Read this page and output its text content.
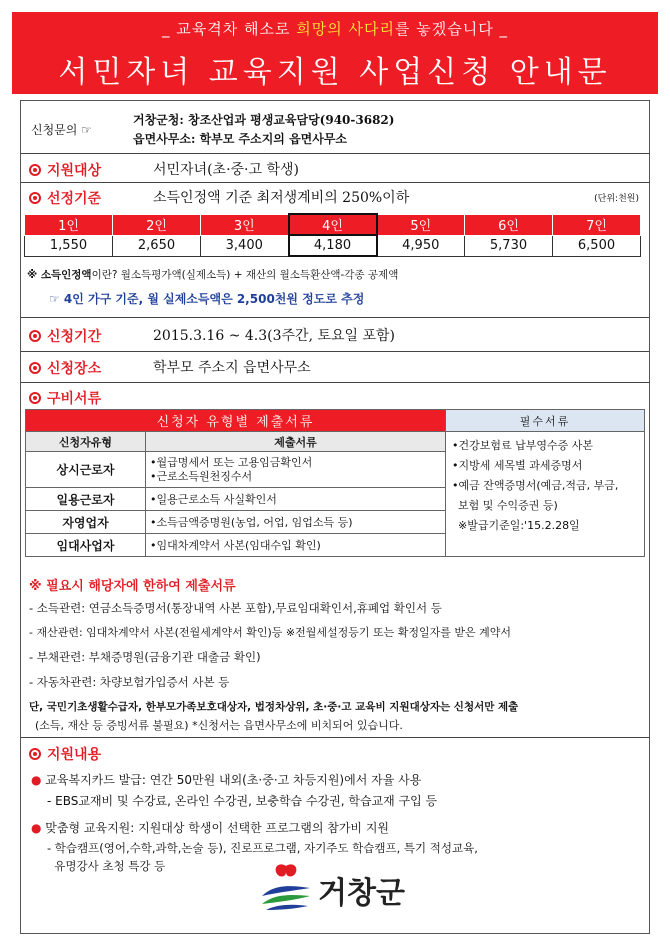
_ 교육격차 해소로 희망의 사다리를 놓겠습니다 _
서민자녀 교육지원 사업신청 안내문
신청문의 ☞
거창군청: 창조산업과 평생교육담당(940-3682)
읍면사무소: 학부모 주소지의 읍면사무소
지원대상	서민자녀(초·중·고 학생)
선정기준	소득인정액 기준 최저생계비의 250%이하	(단위:천원)
1인	2인	3인	4인	5인	6인	7인
1,550	2,650	3,400	4,180	4,950	5,730	6,500
※ 소득인정액이란? 월소득평가액(실제소득) + 재산의 월소득환산액-각종 공제액
☞ 4인 가구 기준, 월 실제소득액은 2,500천원 정도로 추정
신청기간	2015.3.16 ~ 4.3(3주간, 토요일 포함)
신청장소	학부모 주소지 읍면사무소
구비서류
신청자 유형별 제출서류		필수서류
신청자유형	제출서류	•건강보험료 납부영수증 사본
•지방세 세목별 과세증명서
•예금 잔액증명서(예금,적금, 부금,
보험 및 수익증권 등)
※발급기준일:'15.2.28일

상시근로자	•월급명세서 또는 고용임금확인서
•근로소득원천징수서	

일용근로자	•일용근로소득 사실확인서	
자영업자	•소득금액증명원(농업, 어업, 임업소득 등)	
임대사업자	•임대차계약서 사본(임대수입 확인)	
※ 필요시 해당자에 한하여 제출서류
- 소득관련: 연금소득증명서(통장내역 사본 포함),무료임대확인서,휴폐업 확인서 등
- 재산관련: 임대차계약서 사본(전월세계약서 확인)등 ※전월세설정등기 또는 확정일자를 받은 계약서
- 부채관련: 부채증명원(금융기관 대출금 확인)
- 자동차관련: 차량보험가입증서 사본 등
단, 국민기초생활수급자, 한부모가족보호대상자, 법정차상위, 초·중·고 교육비 지원대상자는 신청서만 제출
(소득, 재산 등 증빙서류 불필요) *신청서는 읍면사무소에 비치되어 있습니다.
지원내용
● 교육복지카드 발급: 연간 50만원 내외(초·중·고 차등지원)에서 자율 사용
- EBS교재비 및 수강료, 온라인 수강권, 보충학습 수강권, 학습교재 구입 등
● 맞춤형 교육지원: 지원대상 학생이 선택한 프로그램의 참가비 지원
- 학습캠프(영어,수학,과학,논술 등), 진로프로그램, 자기주도 학습캠프, 특기 적성교육,
유명강사 초청 특강 등
거창군
